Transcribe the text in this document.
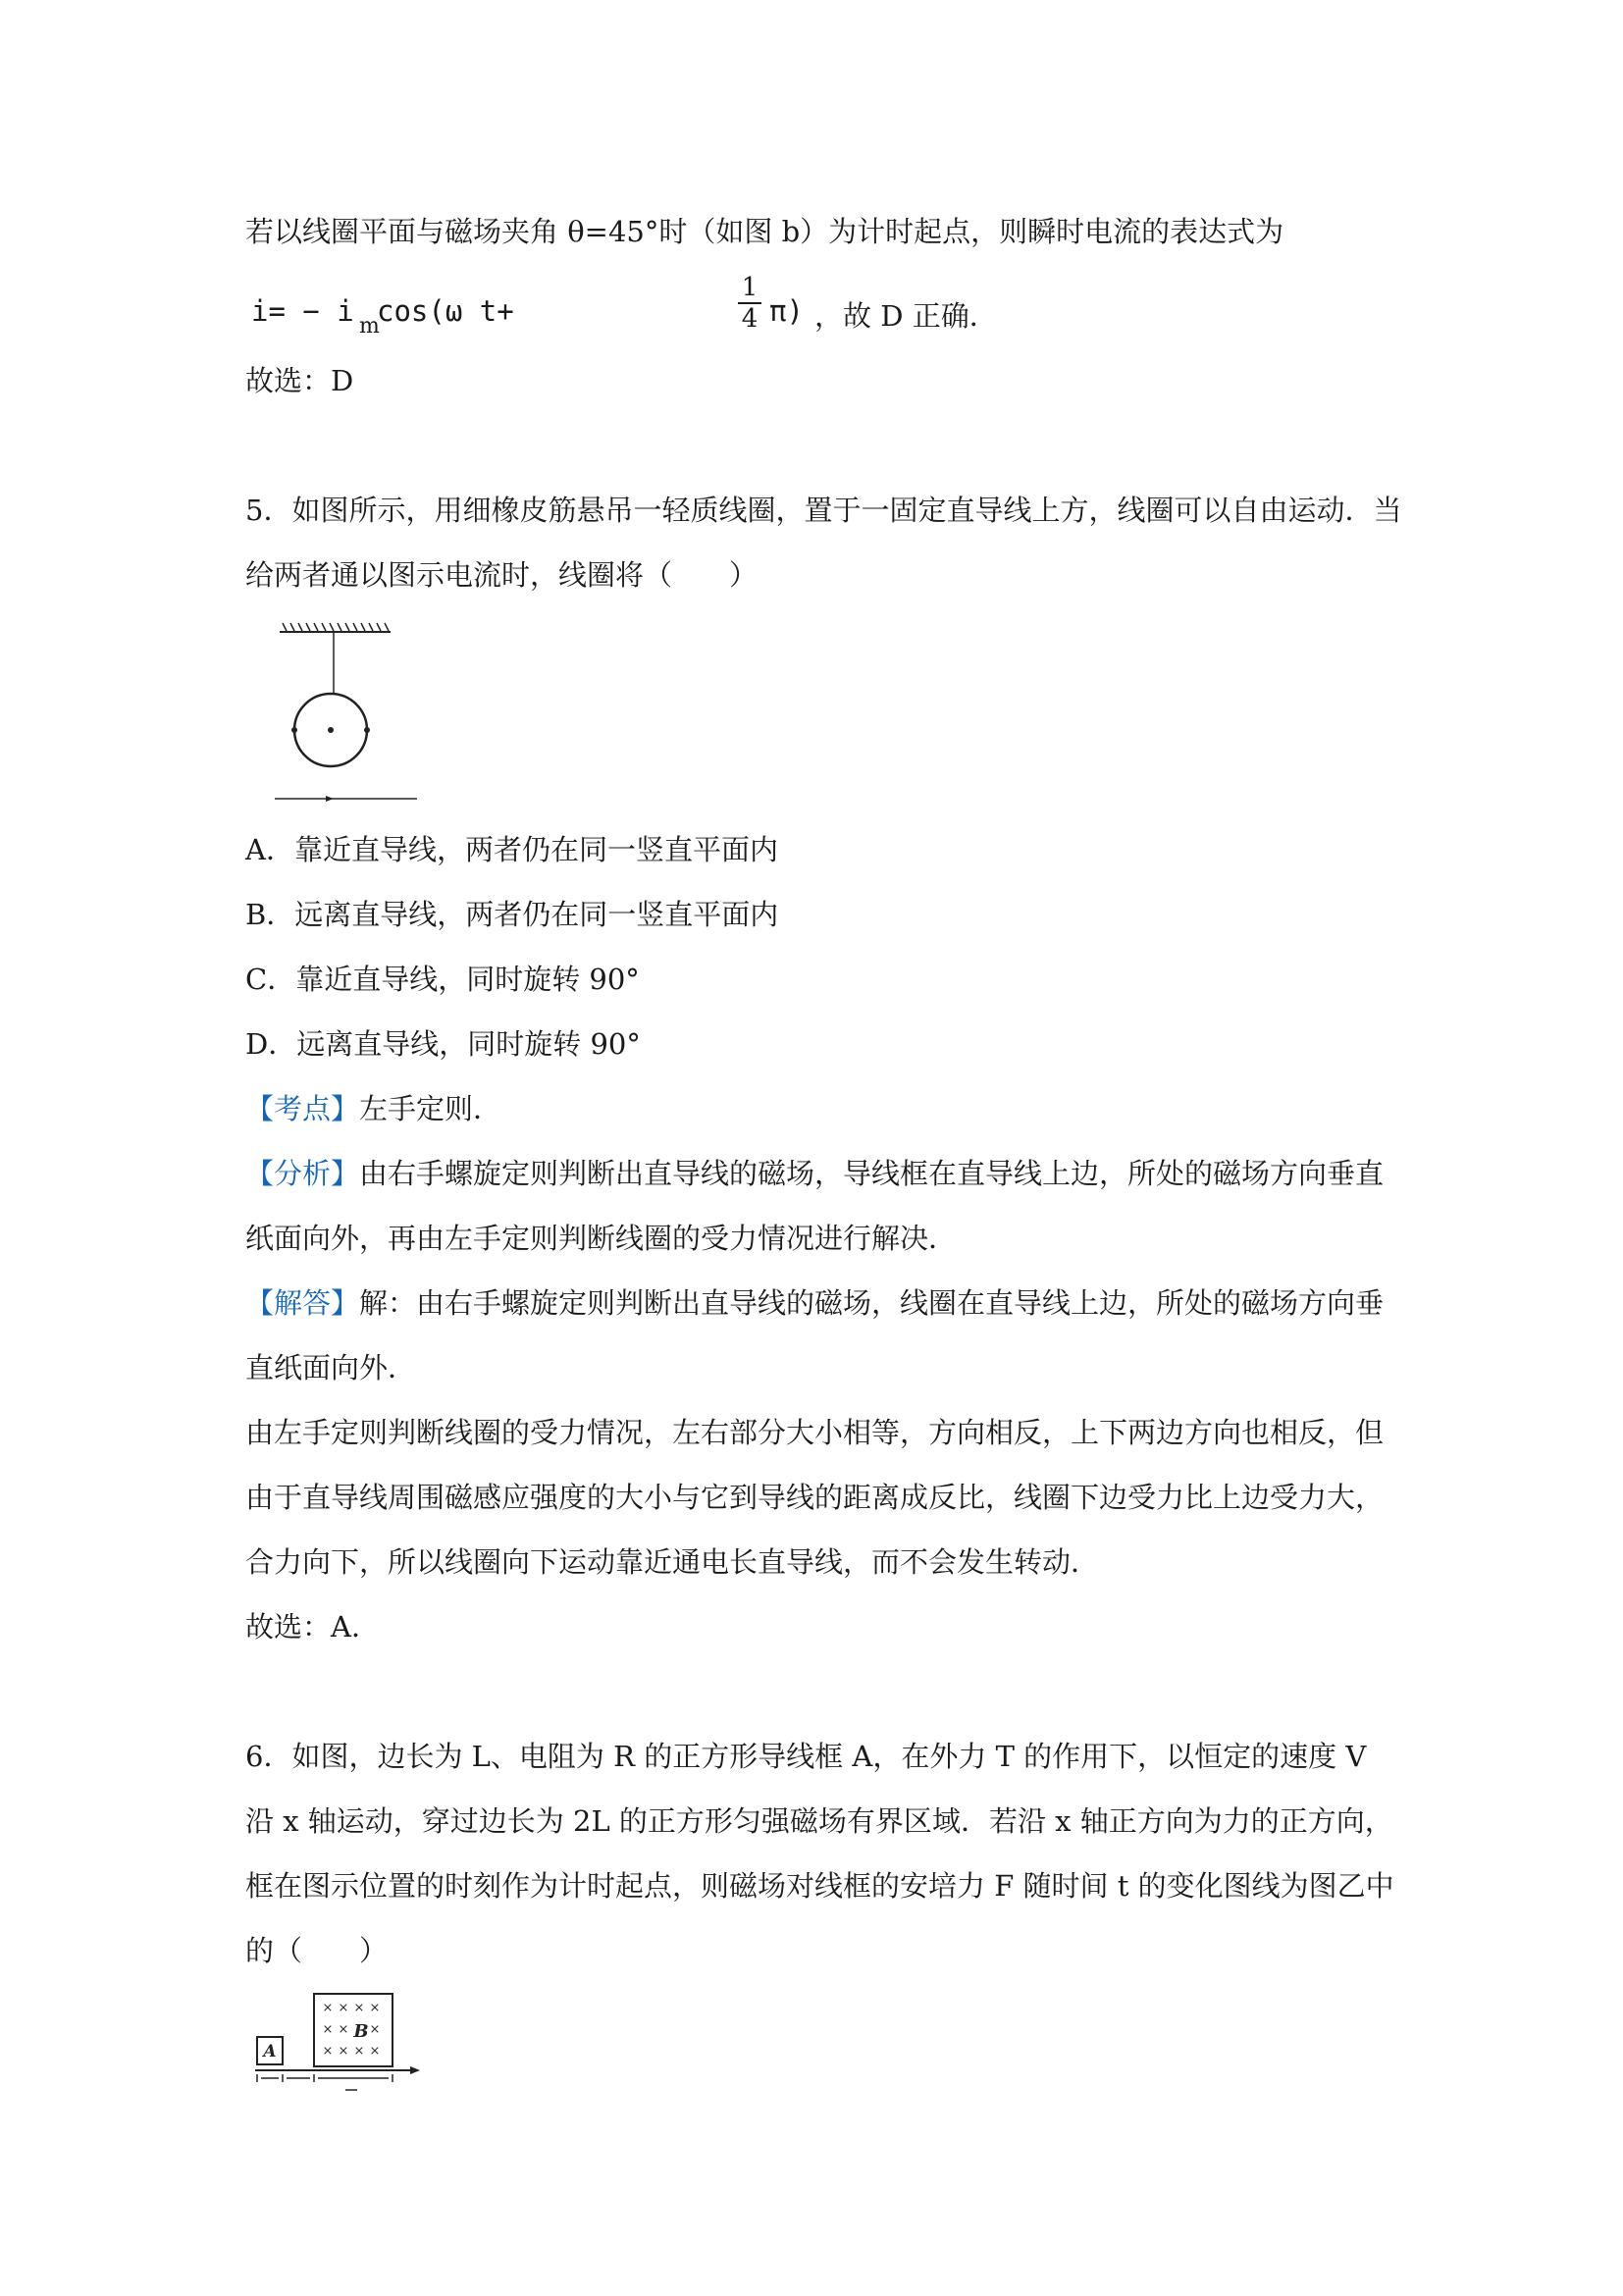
若以线圈平面与磁场夹角 θ=45°时（如图 b）为计时起点，则瞬时电流的表达式为
i= − i m
cos(ω t+
1
4 π) ，故 D 正确．
故选：D
5．如图所示，用细橡皮筋悬吊一轻质线圈，置于一固定直导线上方，线圈可以自由运动．当
给两者通以图示电流时，线圈将（　　）
A．靠近直导线，两者仍在同一竖直平面内
B．远离直导线，两者仍在同一竖直平面内
C．靠近直导线，同时旋转 90°
D．远离直导线，同时旋转 90°
【考点】左手定则．
【分析】由右手螺旋定则判断出直导线的磁场，导线框在直导线上边，所处的磁场方向垂直
纸面向外，再由左手定则判断线圈的受力情况进行解决．
【解答】解：由右手螺旋定则判断出直导线的磁场，线圈在直导线上边，所处的磁场方向垂
直纸面向外．
由左手定则判断线圈的受力情况，左右部分大小相等，方向相反，上下两边方向也相反，但
由于直导线周围磁感应强度的大小与它到导线的距离成反比，线圈下边受力比上边受力大，
合力向下，所以线圈向下运动靠近通电长直导线，而不会发生转动．
故选：A．
6．如图，边长为 L、电阻为 R 的正方形导线框 A，在外力 T 的作用下，以恒定的速度 V
沿 x 轴运动，穿过边长为 2L 的正方形匀强磁场有界区域．若沿 x 轴正方向为力的正方向，
框在图示位置的时刻作为计时起点，则磁场对线框的安培力 F 随时间 t 的变化图线为图乙中
的（　　）
× × × ×
× × ×
× × × ×
B
A
